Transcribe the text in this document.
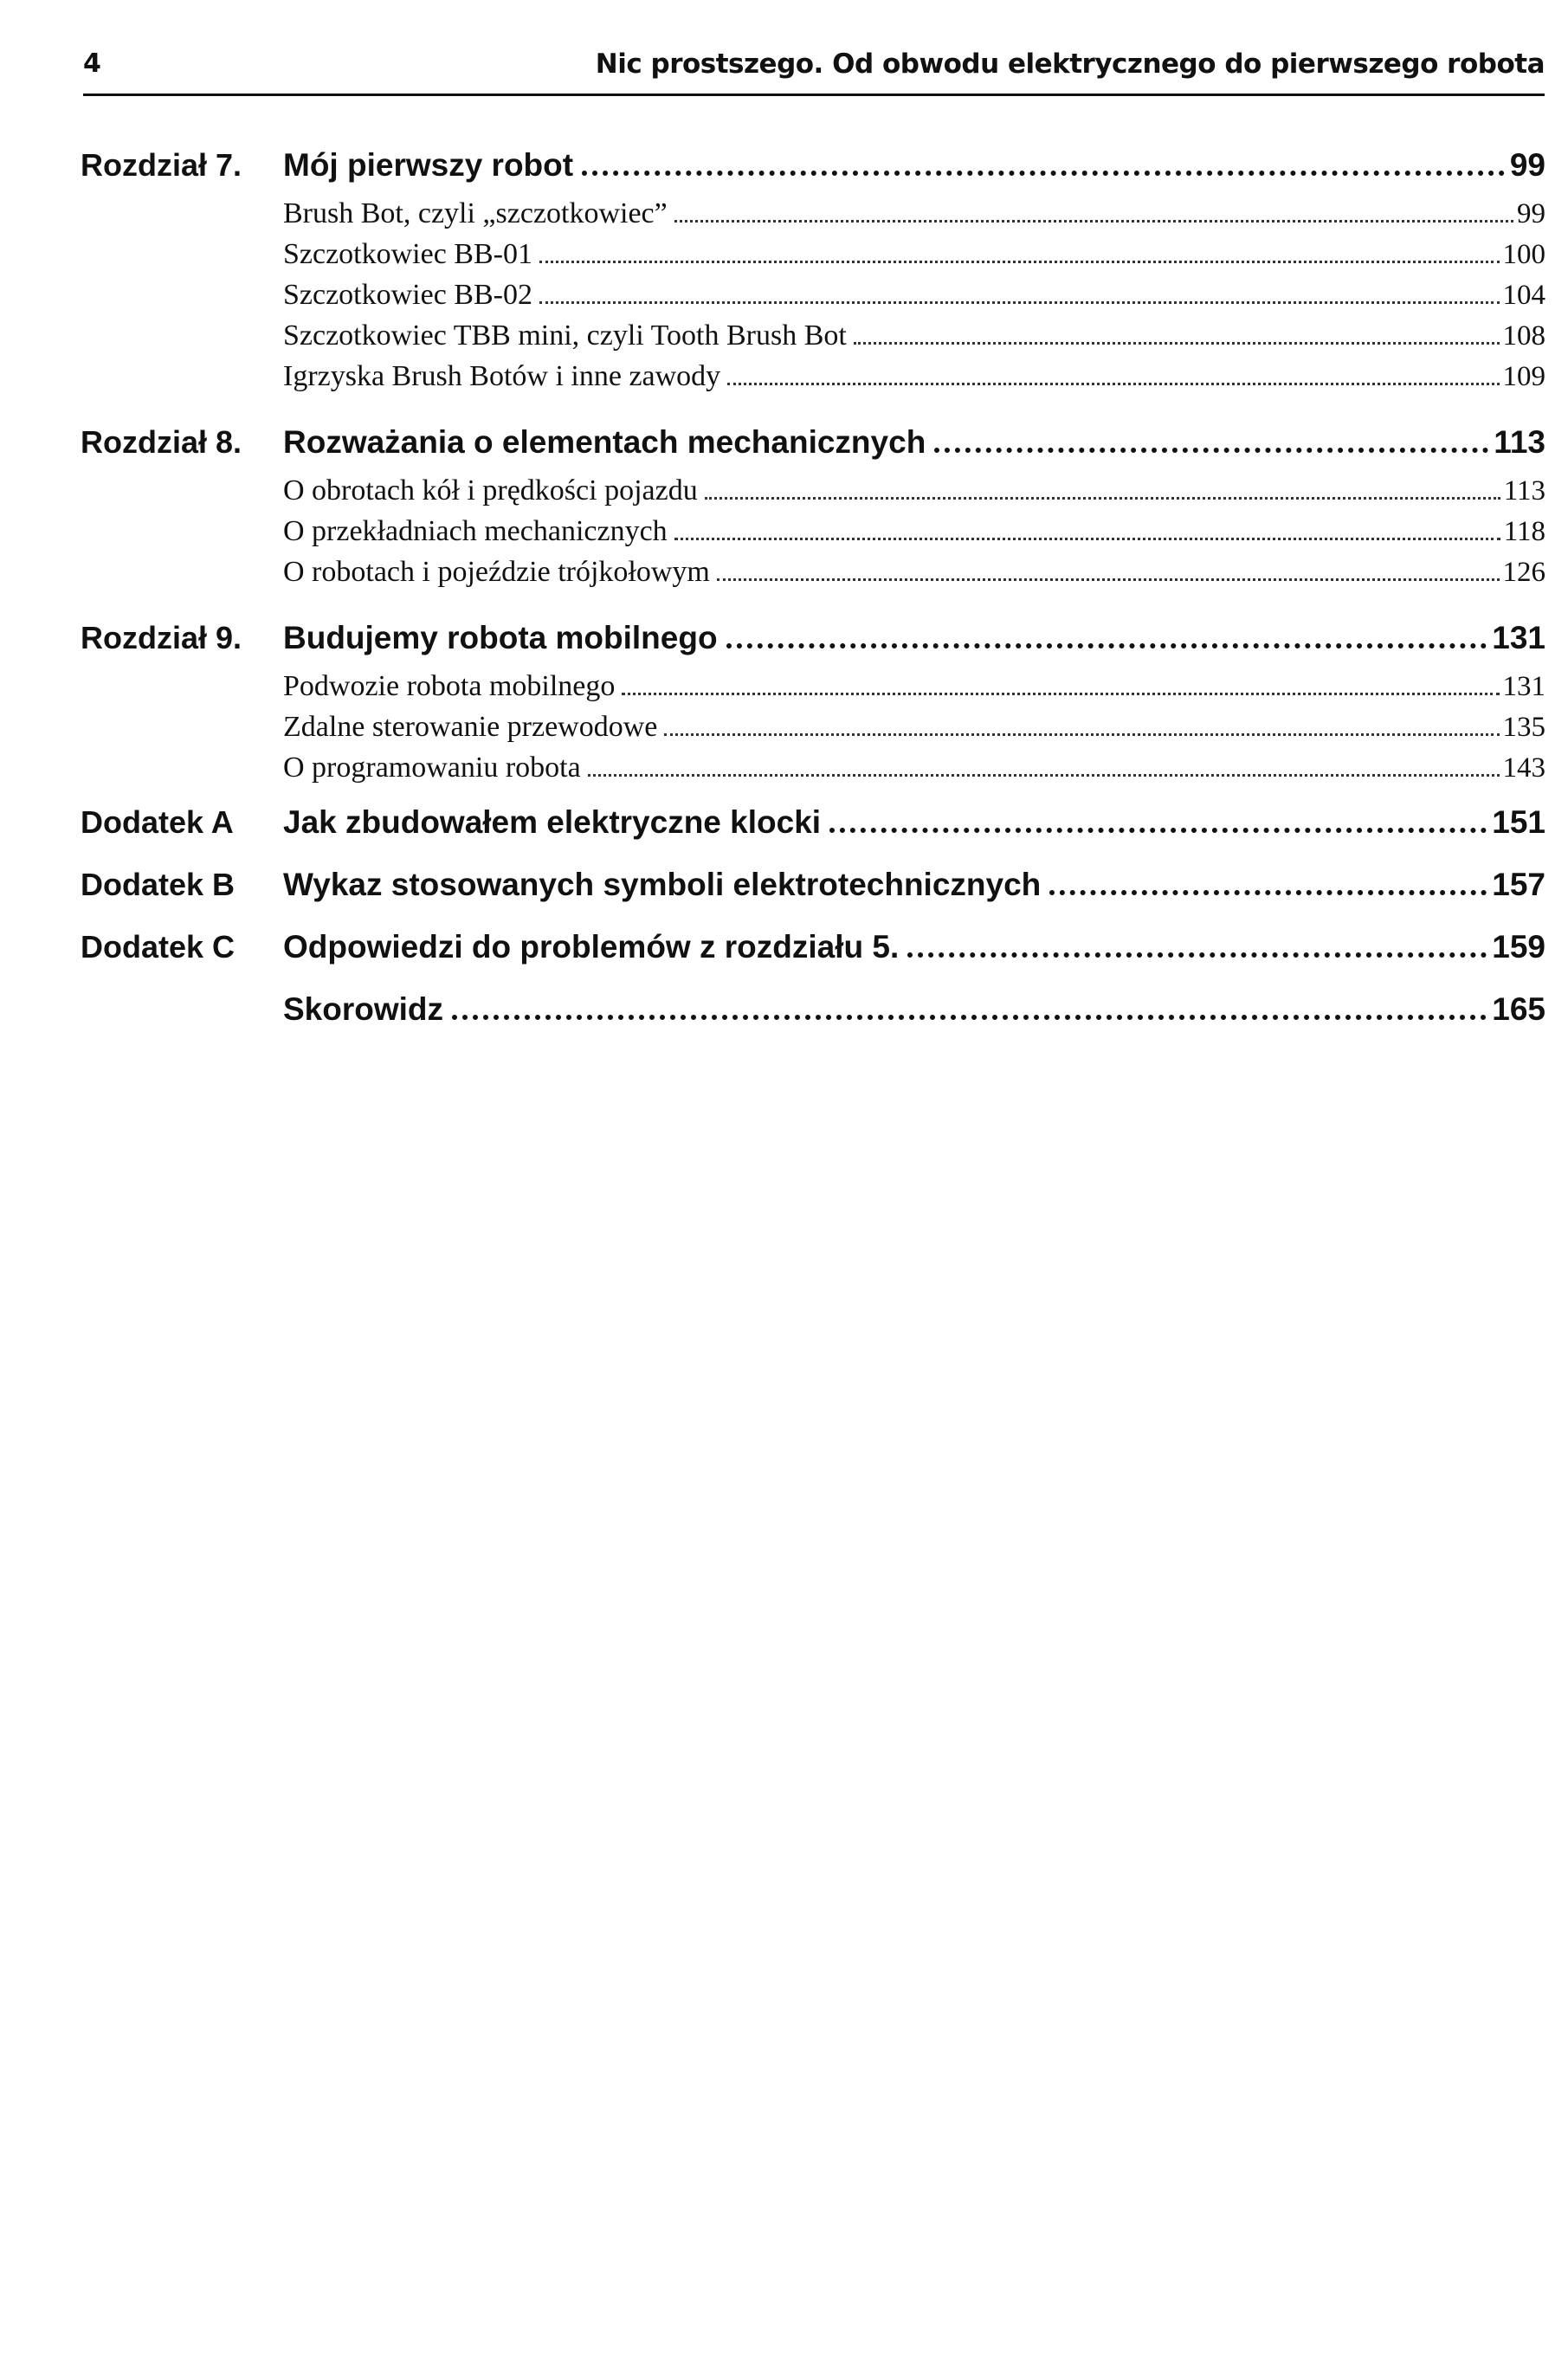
4	Nic prostszego. Od obwodu elektrycznego do pierwszego robota
Rozdział 7.	Mój pierwszy robot	99
Brush Bot, czyli „szczotkowiec”	99
Szczotkowiec BB-01	100
Szczotkowiec BB-02	104
Szczotkowiec TBB mini, czyli Tooth Brush Bot	108
Igrzyska Brush Botów i inne zawody	109
Rozdział 8.	Rozważania o elementach mechanicznych	113
O obrotach kół i prędkości pojazdu	113
O przekładniach mechanicznych	118
O robotach i pojeździe trójkołowym	126
Rozdział 9.	Budujemy robota mobilnego	131
Podwozie robota mobilnego	131
Zdalne sterowanie przewodowe	135
O programowaniu robota	143
Dodatek A	Jak zbudowałem elektryczne klocki	151
Dodatek B	Wykaz stosowanych symboli elektrotechnicznych	157
Dodatek C	Odpowiedzi do problemów z rozdziału 5.	159
Skorowidz	165
